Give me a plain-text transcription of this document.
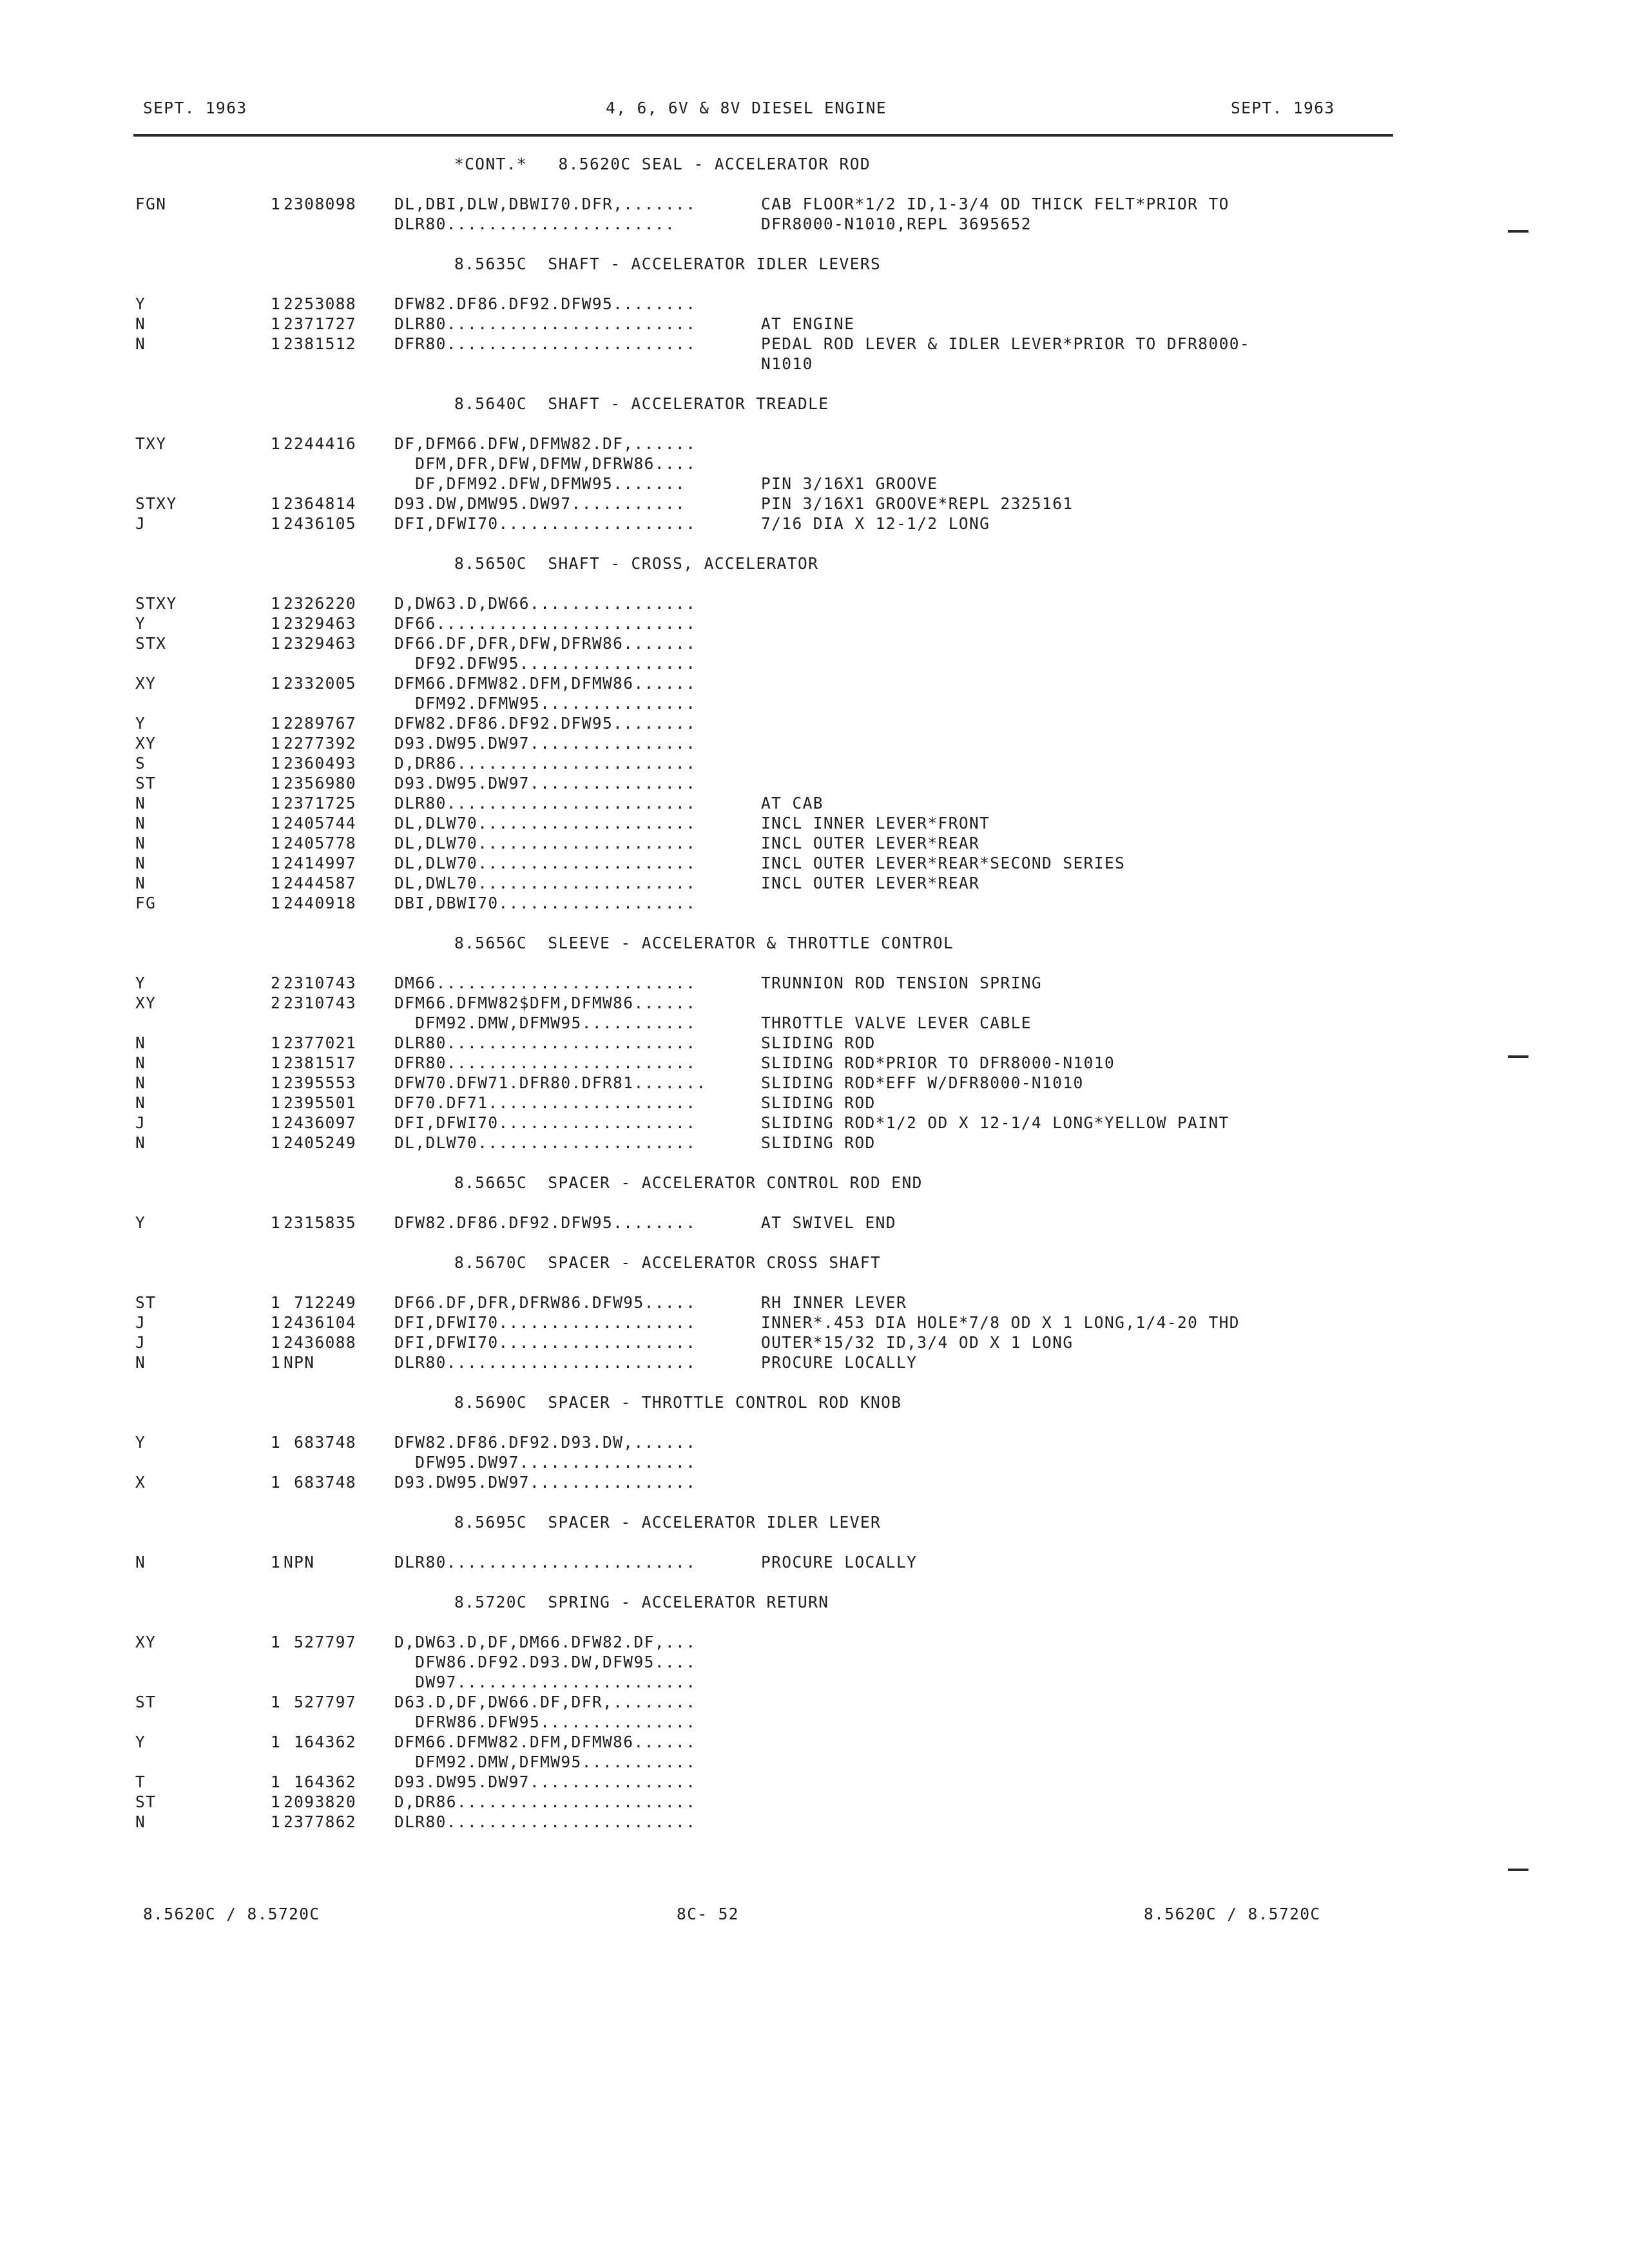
SEPT. 1963	4, 6, 6V & 8V DIESEL ENGINE	SEPT. 1963
*CONT.*   8.5620C SEAL - ACCELERATOR ROD
FGN	1 2308098 DL,DBI,DLW,DBWI70.DFR,.......	CAB FLOOR*1/2 ID,1-3/4 OD THICK FELT*PRIOR TO
DLR80......................	DFR8000-N1010,REPL 3695652
8.5635C  SHAFT - ACCELERATOR IDLER LEVERS
Y	1 2253088 DFW82.DF86.DF92.DFW95........
N	1 2371727 DLR80........................	AT ENGINE
N	1 2381512 DFR80........................	PEDAL ROD LEVER & IDLER LEVER*PRIOR TO DFR8000-
N1010
8.5640C  SHAFT - ACCELERATOR TREADLE
TXY	1 2244416 DF,DFM66.DFW,DFMW82.DF,......
DFM,DFR,DFW,DFMW,DFRW86....
DF,DFM92.DFW,DFMW95.......	PIN 3/16X1 GROOVE
STXY	1 2364814 D93.DW,DMW95.DW97...........	PIN 3/16X1 GROOVE*REPL 2325161
J	1 2436105 DFI,DFWI70...................	7/16 DIA X 12-1/2 LONG
8.5650C  SHAFT - CROSS, ACCELERATOR
STXY	1 2326220 D,DW63.D,DW66................
Y	1 2329463 DF66.........................
STX	1 2329463 DF66.DF,DFR,DFW,DFRW86.......
DF92.DFW95.................
XY	1 2332005 DFM66.DFMW82.DFM,DFMW86......
DFM92.DFMW95...............
Y	1 2289767 DFW82.DF86.DF92.DFW95........
XY	1 2277392 D93.DW95.DW97................
S	1 2360493 D,DR86.......................
ST	1 2356980 D93.DW95.DW97................
N	1 2371725 DLR80........................	AT CAB
N	1 2405744 DL,DLW70.....................	INCL INNER LEVER*FRONT
N	1 2405778 DL,DLW70.....................	INCL OUTER LEVER*REAR
N	1 2414997 DL,DLW70.....................	INCL OUTER LEVER*REAR*SECOND SERIES
N	1 2444587 DL,DWL70.....................	INCL OUTER LEVER*REAR
FG	1 2440918 DBI,DBWI70...................
8.5656C  SLEEVE - ACCELERATOR & THROTTLE CONTROL
Y	2 2310743 DM66.........................	TRUNNION ROD TENSION SPRING
XY	2 2310743 DFM66.DFMW82$DFM,DFMW86......
DFM92.DMW,DFMW95...........	THROTTLE VALVE LEVER CABLE
N	1 2377021 DLR80........................	SLIDING ROD
N	1 2381517 DFR80........................	SLIDING ROD*PRIOR TO DFR8000-N1010
N	1 2395553 DFW70.DFW71.DFR80.DFR81.......	SLIDING ROD*EFF W/DFR8000-N1010
N	1 2395501 DF70.DF71....................	SLIDING ROD
J	1 2436097 DFI,DFWI70...................	SLIDING ROD*1/2 OD X 12-1/4 LONG*YELLOW PAINT
N	1 2405249 DL,DLW70.....................	SLIDING ROD
8.5665C  SPACER - ACCELERATOR CONTROL ROD END
Y	1 2315835 DFW82.DF86.DF92.DFW95........	AT SWIVEL END
8.5670C  SPACER - ACCELERATOR CROSS SHAFT
ST	1 712249 DF66.DF,DFR,DFRW86.DFW95.....	RH INNER LEVER
J	1 2436104 DFI,DFWI70...................	INNER*.453 DIA HOLE*7/8 OD X 1 LONG,1/4-20 THD
J	1 2436088 DFI,DFWI70...................	OUTER*15/32 ID,3/4 OD X 1 LONG
N	1 NPN	DLR80........................	PROCURE LOCALLY
8.5690C  SPACER - THROTTLE CONTROL ROD KNOB
Y	1 683748 DFW82.DF86.DF92.D93.DW,......
DFW95.DW97.................
X	1 683748 D93.DW95.DW97................
8.5695C  SPACER - ACCELERATOR IDLER LEVER
N	1 NPN	DLR80........................	PROCURE LOCALLY
8.5720C  SPRING - ACCELERATOR RETURN
XY	1 527797 D,DW63.D,DF,DM66.DFW82.DF,...
DFW86.DF92.D93.DW,DFW95....
DW97.......................
ST	1 527797 D63.D,DF,DW66.DF,DFR,........
DFRW86.DFW95...............
Y	1 164362 DFM66.DFMW82.DFM,DFMW86......
DFM92.DMW,DFMW95...........
T	1 164362 D93.DW95.DW97................
ST	1 2093820 D,DR86.......................
N	1 2377862 DLR80........................
8.5620C / 8.5720C	8C- 52	8.5620C / 8.5720C
